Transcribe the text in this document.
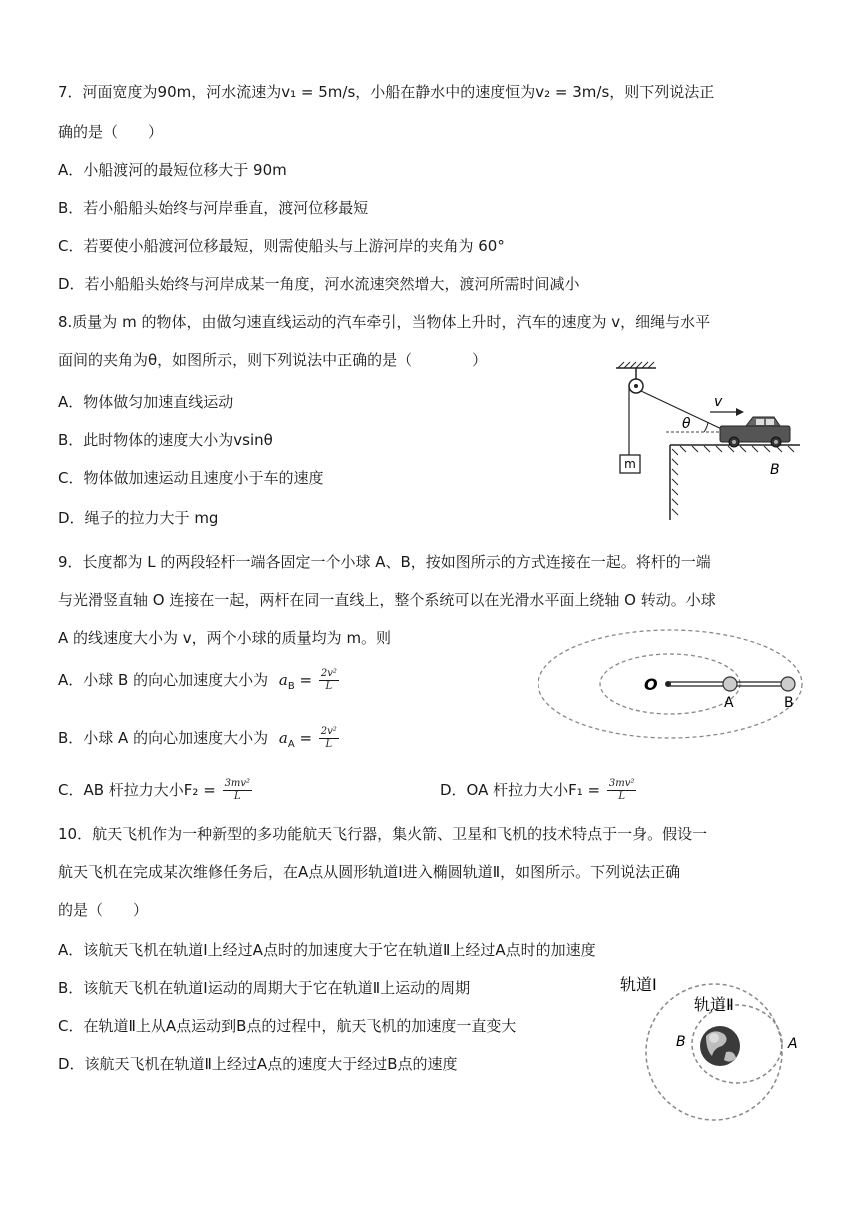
7．河面宽度为90m，河水流速为v₁ = 5m/s，小船在静水中的速度恒为v₂ = 3m/s，则下列说法正
确的是（　　）
A．小船渡河的最短位移大于 90m
B．若小船船头始终与河岸垂直，渡河位移最短
C．若要使小船渡河位移最短，则需使船头与上游河岸的夹角为 60°
D．若小船船头始终与河岸成某一角度，河水流速突然增大，渡河所需时间减小
8.质量为 m 的物体，由做匀速直线运动的汽车牵引，当物体上升时，汽车的速度为 v，细绳与水平
面间的夹角为θ，如图所示，则下列说法中正确的是（　　　　）
A．物体做匀加速直线运动
B．此时物体的速度大小为vsinθ
C．物体做加速运动且速度小于车的速度
D．绳子的拉力大于 mg
m
θ
v
B
9．长度都为 L 的两段轻杆一端各固定一个小球 A、B，按如图所示的方式连接在一起。将杆的一端
与光滑竖直轴 O 连接在一起，两杆在同一直线上，整个系统可以在光滑水平面上绕轴 O 转动。小球
A 的线速度大小为 v，两个小球的质量均为 m。则
A．小球 B 的向心加速度大小为 $a_B = \frac{\text{2v²}}{L}$
B．小球 A 的向心加速度大小为 $a_A = \frac{\text{2v²}}{L}$
C．AB 杆拉力大小$F_2 = \frac{\text{3mv²}}{L}$	D．OA 杆拉力大小$F_1 = \frac{\text{3mv²}}{L}$
O
A	B
10．航天飞机作为一种新型的多功能航天飞行器，集火箭、卫星和飞机的技术特点于一身。假设一
航天飞机在完成某次维修任务后，在A点从圆形轨道Ⅰ进入椭圆轨道Ⅱ，如图所示。下列说法正确
的是（　　）
A．该航天飞机在轨道Ⅰ上经过A点时的加速度大于它在轨道Ⅱ上经过A点时的加速度
B．该航天飞机在轨道Ⅰ运动的周期大于它在轨道Ⅱ上运动的周期
C．在轨道Ⅱ上从A点运动到B点的过程中，航天飞机的加速度一直变大
D．该航天飞机在轨道Ⅱ上经过A点的速度大于经过B点的速度
轨道Ⅰ
轨道Ⅱ
B	A
